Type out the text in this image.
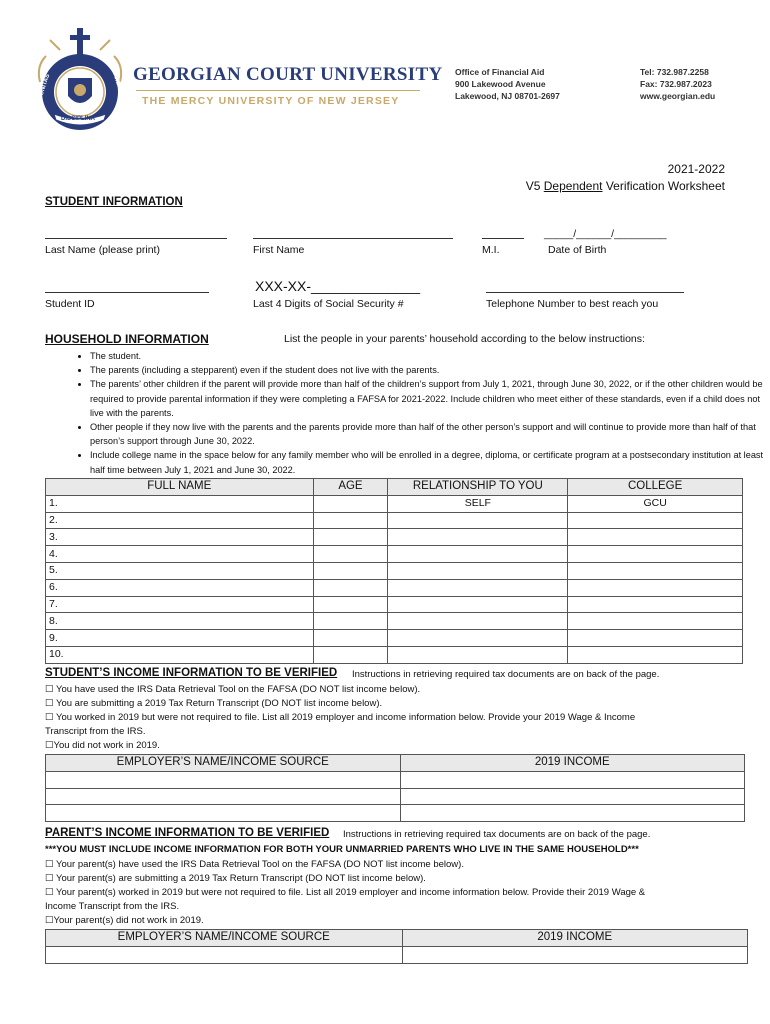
BONITAS	SCIENTIA
DISCIPLINA
1908
GEORGIAN COURT UNIVERSITY
THE MERCY UNIVERSITY OF NEW JERSEY
Office of Financial Aid
900 Lakewood Avenue
Lakewood, NJ 08701-2697
Tel: 732.987.2258
Fax: 732.987.2023
www.georgian.edu
2021-2022
V5 Dependent Verification Worksheet
STUDENT INFORMATION
_____/______/_________
Last Name (please print)	First Name	M.I.	Date of Birth
XXX-XX-______________
Student ID	Last 4 Digits of Social Security #	Telephone Number to best reach you
HOUSEHOLD INFORMATION	List the people in your parents’ household according to the below instructions:
• The student.
• The parents (including a stepparent) even if the student does not live with the parents.
• The parents’ other children if the parent will provide more than half of the children’s support from July 1, 2021, through June 30, 2022, or if the other children would be required to provide parental information if they were completing a FAFSA for 2021-2022. Include children who meet either of these standards, even if a child does not live with the parents.
• Other people if they now live with the parents and the parents provide more than half of the other person’s support and will continue to provide more than half of that person’s support through June 30, 2022.
• Include college name in the space below for any family member who will be enrolled in a degree, diploma, or certificate program at a postsecondary institution at least half time between July 1, 2021 and June 30, 2022.
FULL NAME	AGE	RELATIONSHIP TO YOU	COLLEGE
1.		SELF	GCU
2.			
3.			
4.			
5.			
6.			
7.			
8.			
9.			
10.			
STUDENT’S INCOME INFORMATION TO BE VERIFIED Instructions in retrieving required tax documents are on back of the page.
☐ You have used the IRS Data Retrieval Tool on the FAFSA (DO NOT list income below).
☐ You are submitting a 2019 Tax Return Transcript (DO NOT list income below).
☐ You worked in 2019 but were not required to file. List all 2019 employer and income information below. Provide your 2019 Wage & Income
Transcript from the IRS.
☐You did not work in 2019.
EMPLOYER’S NAME/INCOME SOURCE	2019 INCOME

PARENT’S INCOME INFORMATION TO BE VERIFIED Instructions in retrieving required tax documents are on back of the page.
***YOU MUST INCLUDE INCOME INFORMATION FOR BOTH YOUR UNMARRIED PARENTS WHO LIVE IN THE SAME HOUSEHOLD***
☐ Your parent(s) have used the IRS Data Retrieval Tool on the FAFSA (DO NOT list income below).
☐ Your parent(s) are submitting a 2019 Tax Return Transcript (DO NOT list income below).
☐ Your parent(s) worked in 2019 but were not required to file. List all 2019 employer and income information below. Provide their 2019 Wage &
Income Transcript from the IRS.
☐Your parent(s) did not work in 2019.
EMPLOYER’S NAME/INCOME SOURCE	2019 INCOME
